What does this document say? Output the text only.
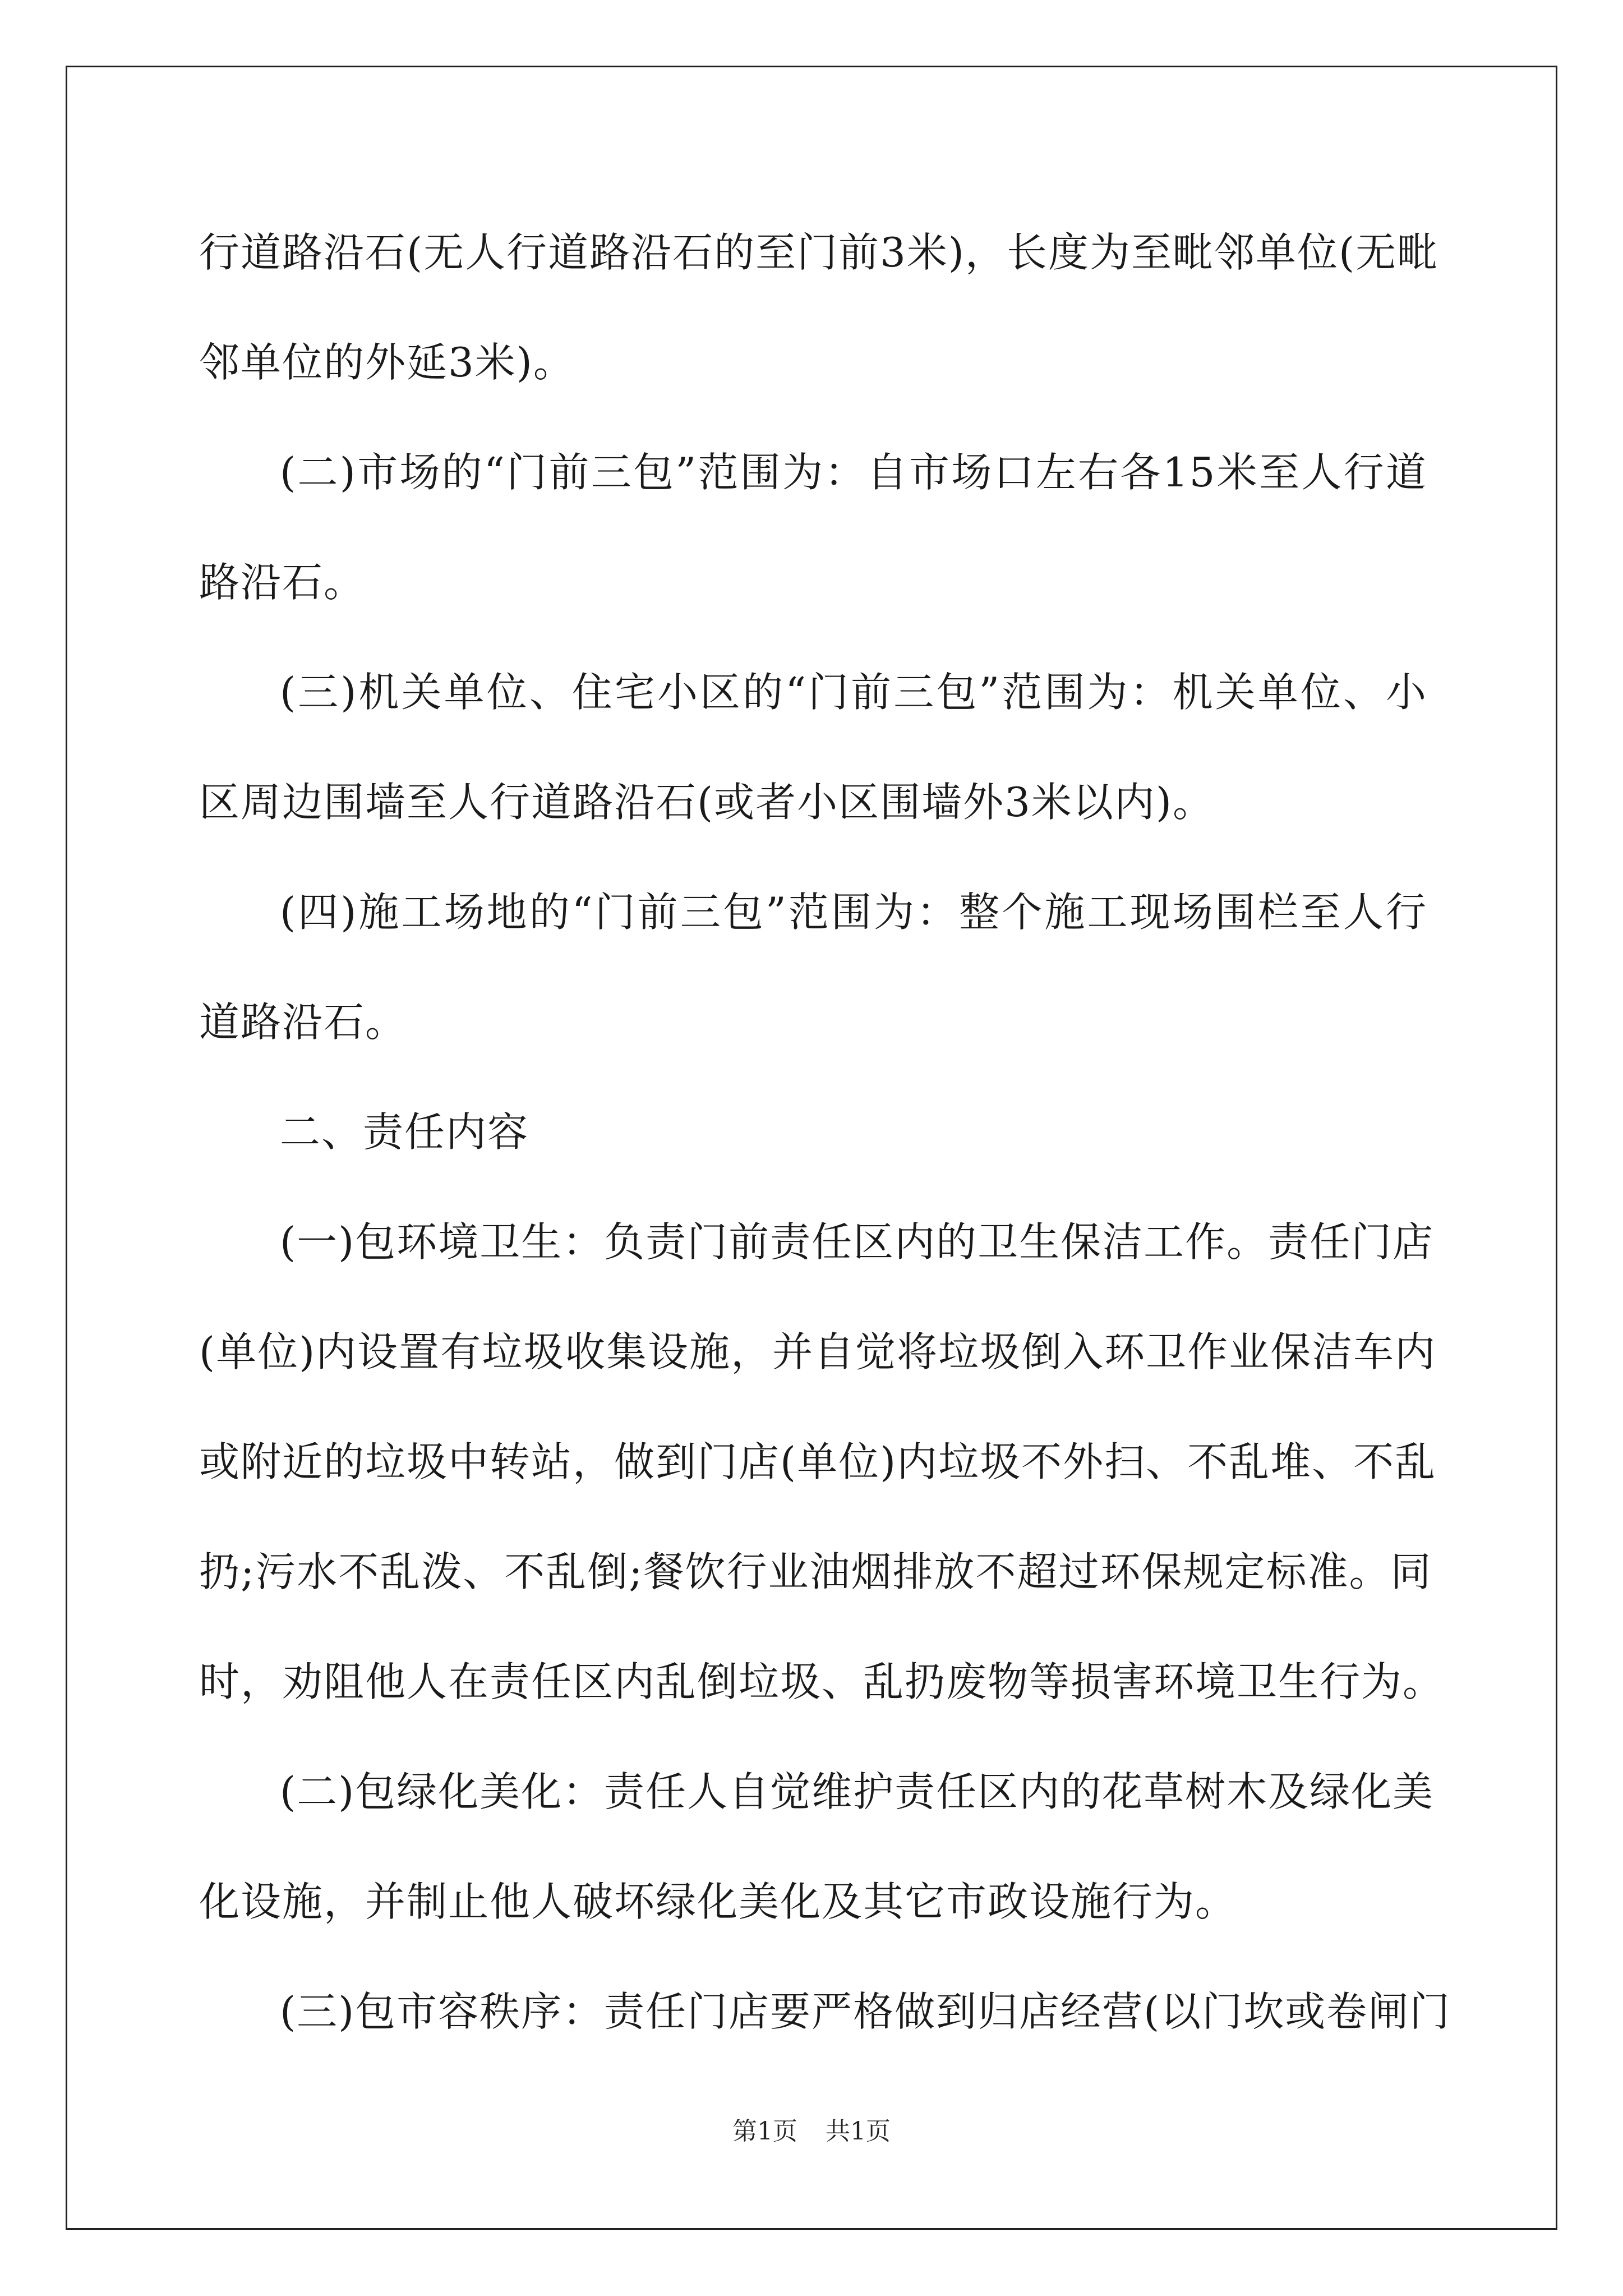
行道路沿石(无人行道路沿石的至门前3米)，长度为至毗邻单位(无毗
邻单位的外延3米)。
(二)市场的“门前三包”范围为：自市场口左右各15米至人行道
路沿石。
(三)机关单位、住宅小区的“门前三包”范围为：机关单位、小
区周边围墙至人行道路沿石(或者小区围墙外3米以内)。
(四)施工场地的“门前三包”范围为：整个施工现场围栏至人行
道路沿石。
二、责任内容
(一)包环境卫生：负责门前责任区内的卫生保洁工作。责任门店
(单位)内设置有垃圾收集设施，并自觉将垃圾倒入环卫作业保洁车内
或附近的垃圾中转站，做到门店(单位)内垃圾不外扫、不乱堆、不乱
扔;污水不乱泼、不乱倒;餐饮行业油烟排放不超过环保规定标准。同
时，劝阻他人在责任区内乱倒垃圾、乱扔废物等损害环境卫生行为。
(二)包绿化美化：责任人自觉维护责任区内的花草树木及绿化美
化设施，并制止他人破坏绿化美化及其它市政设施行为。
(三)包市容秩序：责任门店要严格做到归店经营(以门坎或卷闸门
第1页 共1页
